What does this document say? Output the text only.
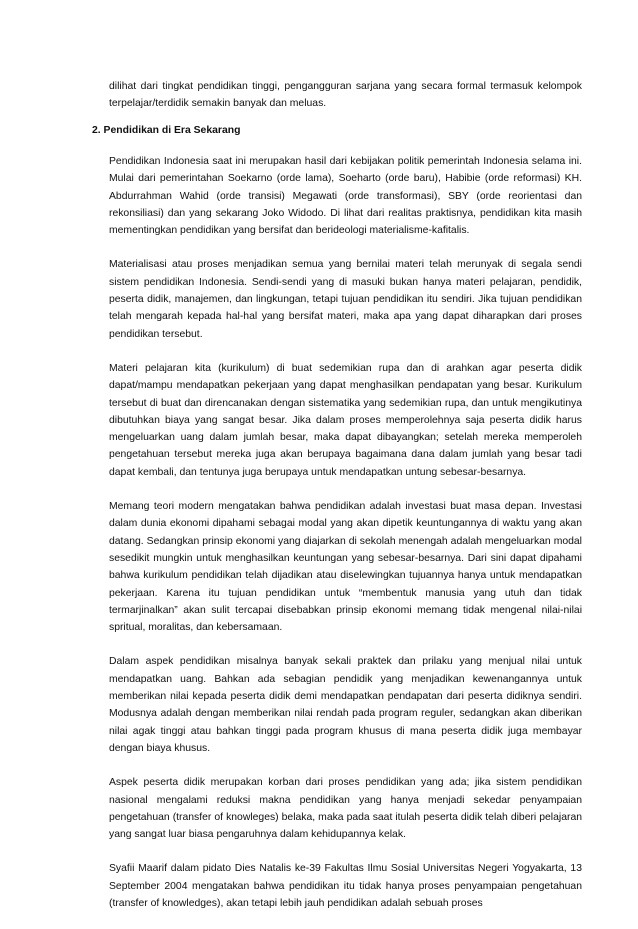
dilihat dari tingkat pendidikan tinggi, pengangguran sarjana yang secara formal termasuk kelompok terpelajar/terdidik semakin banyak dan meluas.

2. Pendidikan di Era Sekarang

Pendidikan Indonesia saat ini merupakan hasil dari kebijakan politik pemerintah Indonesia selama ini. Mulai dari pemerintahan Soekarno (orde lama), Soeharto (orde baru), Habibie (orde reformasi) KH. Abdurrahman Wahid (orde transisi) Megawati (orde transformasi), SBY (orde reorientasi dan rekonsiliasi) dan yang sekarang Joko Widodo. Di lihat dari realitas praktisnya, pendidikan kita masih mementingkan pendidikan yang bersifat dan berideologi materialisme-kafitalis.

Materialisasi atau proses menjadikan semua yang bernilai materi telah merunyak di segala sendi sistem pendidikan Indonesia. Sendi-sendi yang di masuki bukan hanya materi pelajaran, pendidik, peserta didik, manajemen, dan lingkungan, tetapi tujuan pendidikan itu sendiri. Jika tujuan pendidikan telah mengarah kepada hal-hal yang bersifat materi, maka apa yang dapat diharapkan dari proses pendidikan tersebut.

Materi pelajaran kita (kurikulum) di buat sedemikian rupa dan di arahkan agar peserta didik dapat/mampu mendapatkan pekerjaan yang dapat menghasilkan pendapatan yang besar. Kurikulum tersebut di buat dan direncanakan dengan sistematika yang sedemikian rupa, dan untuk mengikutinya dibutuhkan biaya yang sangat besar. Jika dalam proses memperolehnya saja peserta didik harus mengeluarkan uang dalam jumlah besar, maka dapat dibayangkan; setelah mereka memperoleh pengetahuan tersebut mereka juga akan berupaya bagaimana dana dalam jumlah yang besar tadi dapat kembali, dan tentunya juga berupaya untuk mendapatkan untung sebesar-besarnya.

Memang teori modern mengatakan bahwa pendidikan adalah investasi buat masa depan. Investasi dalam dunia ekonomi dipahami sebagai modal yang akan dipetik keuntungannya di waktu yang akan datang. Sedangkan prinsip ekonomi yang diajarkan di sekolah menengah adalah mengeluarkan modal sesedikit mungkin untuk menghasilkan keuntungan yang sebesar-besarnya. Dari sini dapat dipahami bahwa kurikulum pendidikan telah dijadikan atau diselewingkan tujuannya hanya untuk mendapatkan pekerjaan. Karena itu tujuan pendidikan untuk “membentuk manusia yang utuh dan tidak termarjinalkan” akan sulit tercapai disebabkan prinsip ekonomi memang tidak mengenal nilai-nilai spritual, moralitas, dan kebersamaan.

Dalam aspek pendidikan misalnya banyak sekali praktek dan prilaku yang menjual nilai untuk mendapatkan uang. Bahkan ada sebagian pendidik yang menjadikan kewenangannya untuk memberikan nilai kepada peserta didik demi mendapatkan pendapatan dari peserta didiknya sendiri. Modusnya adalah dengan memberikan nilai rendah pada program reguler, sedangkan akan diberikan nilai agak tinggi atau bahkan tinggi pada program khusus di mana peserta didik juga membayar dengan biaya khusus.

Aspek peserta didik merupakan korban dari proses pendidikan yang ada; jika sistem pendidikan nasional mengalami reduksi makna pendidikan yang hanya menjadi sekedar penyampaian pengetahuan (transfer of knowleges) belaka, maka pada saat itulah peserta didik telah diberi pelajaran yang sangat luar biasa pengaruhnya dalam kehidupannya kelak.

Syafii Maarif dalam pidato Dies Natalis ke-39 Fakultas Ilmu Sosial Universitas Negeri Yogyakarta, 13 September 2004 mengatakan bahwa pendidikan itu tidak hanya proses penyampaian pengetahuan (transfer of knowledges), akan tetapi lebih jauh pendidikan adalah sebuah proses
